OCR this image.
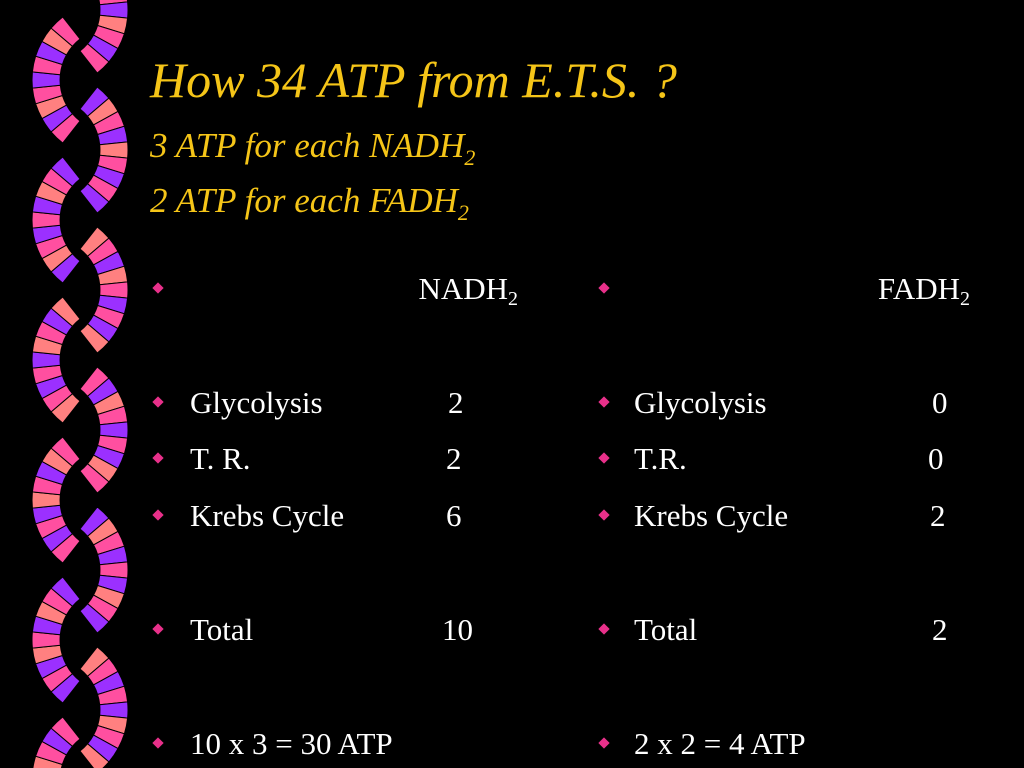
How 34 ATP from E.T.S. ?
3 ATP for each $NADH_2$
2 ATP for each $FADH_2$
$NADH_2$
Glycolysis	2
T. R.	2
Krebs Cycle	6
Total	10
10 x 3 = 30 ATP
$FADH_2$
Glycolysis	0
T.R.	0
Krebs Cycle	2
Total	2
2 x 2 = 4 ATP
